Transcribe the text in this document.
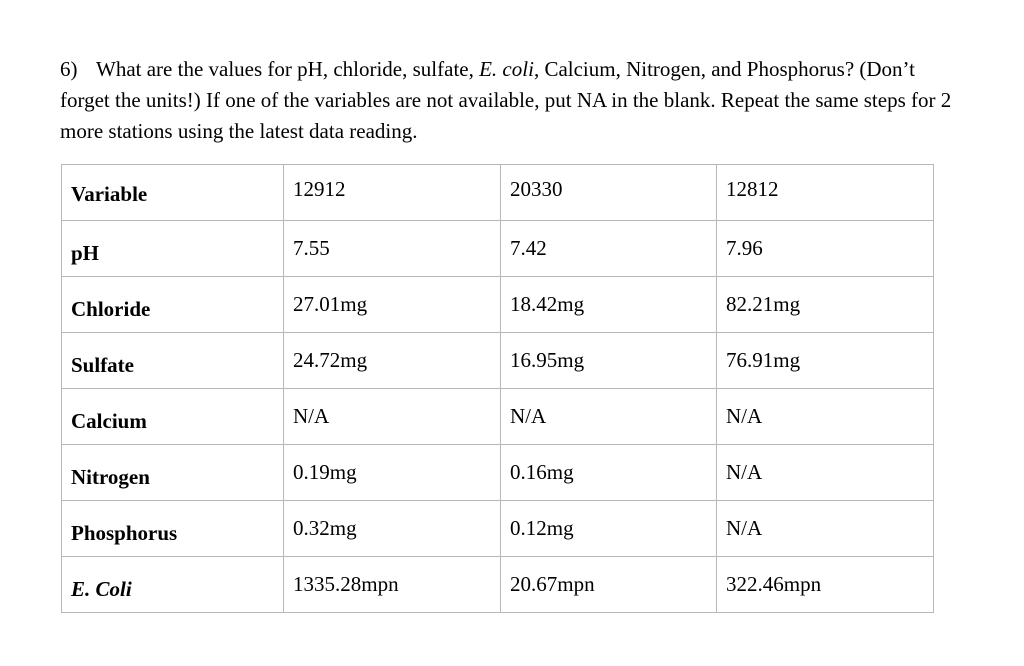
6) What are the values for pH, chloride, sulfate, E. coli, Calcium, Nitrogen, and Phosphorus? (Don’t forget the units!) If one of the variables are not available, put NA in the blank. Repeat the same steps for 2 more stations using the latest data reading.

Variable	12912	20330	12812

pH	7.55	7.42	7.96

Chloride	27.01mg	18.42mg	82.21mg

Sulfate	24.72mg	16.95mg	76.91mg

Calcium	N/A	N/A	N/A

Nitrogen	0.19mg	0.16mg	N/A

Phosphorus	0.32mg	0.12mg	N/A

E. Coli	1335.28mpn	20.67mpn	322.46mpn
